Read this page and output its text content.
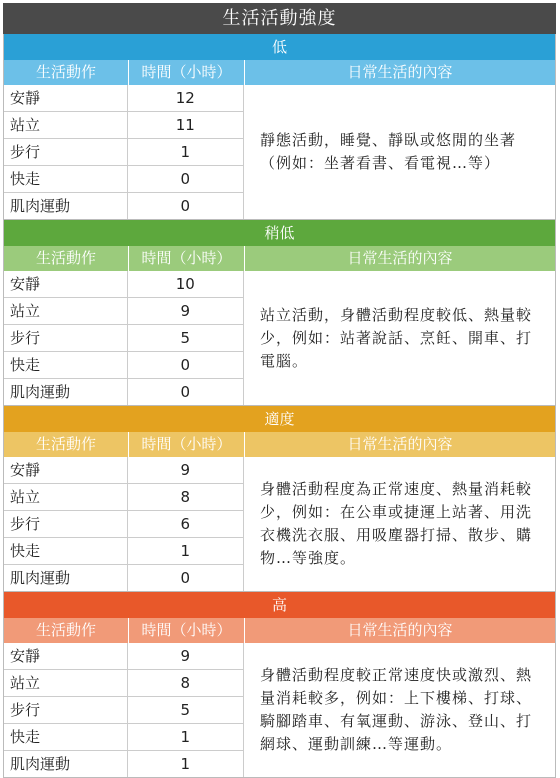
生活活動強度
低
生活動作	時間（小時）	日常生活的內容
安靜	12
站立	11
步行	1
快走	0
肌肉運動	0
靜態活動，睡覺、靜臥或悠閒的坐著（例如：坐著看書、看電視…等）
稍低
生活動作	時間（小時）	日常生活的內容
安靜	10
站立	9
步行	5
快走	0
肌肉運動	0
站立活動，身體活動程度較低、熱量較少，例如：站著說話、烹飪、開車、打電腦。
適度
生活動作	時間（小時）	日常生活的內容
安靜	9
站立	8
步行	6
快走	1
肌肉運動	0
身體活動程度為正常速度、熱量消耗較少，例如：在公車或捷運上站著、用洗衣機洗衣服、用吸塵器打掃、散步、購物…等強度。
高
生活動作	時間（小時）	日常生活的內容
安靜	9
站立	8
步行	5
快走	1
肌肉運動	1
身體活動程度較正常速度快或激烈、熱量消耗較多，例如：上下樓梯、打球、騎腳踏車、有氧運動、游泳、登山、打網球、運動訓練…等運動。
